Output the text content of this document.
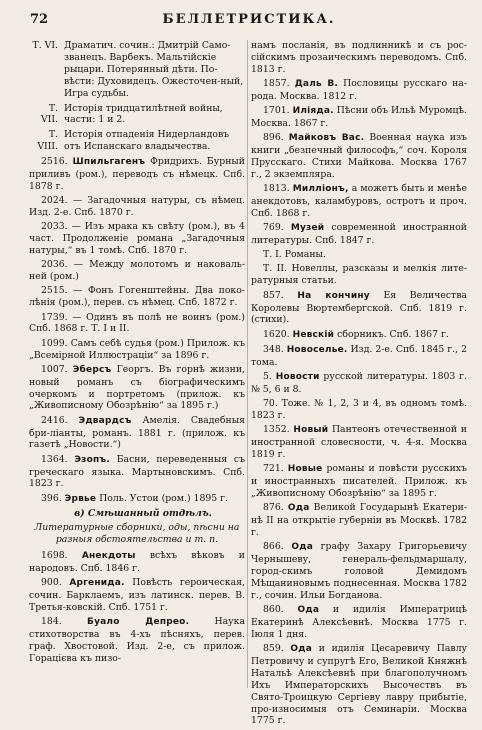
72	БЕЛЛЕТРИСТИКА.
Т. VI. Драматич. сочин.: Дмитрій Само-званецъ. Варбекъ. Мальтійскіе рыцари. Потерянный дѣти. По-вѣсти: Духовидецъ. Ожесточен-ный, Игра судьбы.
Т. VII.
Исторія тридцатилѣтней войны, части: 1 и 2.
Т. VIII.
Исторія отпаденія Нидерландовъ отъ Испанскаго владычества.

2516. Шпильгагенъ Фридрихъ. Бурный приливъ (ром.), переводъ съ нѣмецк. Спб. 1878 г.

2024. — Загадочныя натуры, съ нѣмец. Изд. 2-е. Спб. 1870 г.

2033. — Изъ мрака къ свѣту (ром.), въ 4 част. Продолженіе романа „Загадочныя натуры,“ въ 1 томѣ. Спб. 1870 г.

2036. — Между молотомъ и наковаль-ней (ром.)

2515. — Фонъ Гогенштейны. Два поко-лѣнія (ром.), перев. съ нѣмец. Спб. 1872 г.

1739. — Одинъ въ полѣ не воинъ (ром.) Спб. 1868 г. Т. I и II.

1099. Самъ себѣ судья (ром.) Прилож. къ „Всемірной Иллюстраціи“ за 1896 г.

1007. Эберсъ Георгъ. Въ горнѣ жизни, новый романъ съ біографическимъ очеркомъ и портретомъ (прилож. къ „Живописному Обозрѣнію“ за 1895 г.)

2416. Эдвардсъ Амелія. Свадебныя бри-ліанты, романъ. 1881 г. (прилож. къ газетѣ „Новости.“)

1364. Эзопъ. Басни, переведенныя съ греческаго языка. Мартыновскимъ. Спб. 1823 г.

396. Эрвье Поль. Устои (ром.) 1895 г.

в) Смѣшанный отдѣлъ.

Литературные сборники, оды, пѣсни на разныя обстоятельства и т. п.

1698. Анекдоты всѣхъ вѣковъ и народовъ. Спб. 1846 г.

900. Аргенида. Повѣсть героическая, сочин. Барклаемъ, изъ латинск. перев. В. Третья-ковскій. Спб. 1751 г.

184.	Буало Депрео.	Наука стихотворства въ 4-хъ пѣсняхъ, перев. граф. Хвостовой. Изд. 2-е, съ прилож. Горацієва къ пизо-

намъ посланія, въ подлинникѣ и съ рос-сійскимъ прозаическимъ переводомъ. Спб. 1813 г.

1857. Даль В. Пословицы русскаго на-рода. Москва. 1812 г.

1701. Иліяда. Пѣсни объ Ильѣ Муромцѣ. Москва. 1867 г.

896. Майковъ Вас. Военная наука изъ книги „безпечный философъ,“ соч. Короля Прусскаго. Стихи Майкова. Москва 1767 г., 2 экземпляра.

1813. Милліонъ, а можетъ быть и менѣе анекдотовъ, каламбуровъ, остротъ и проч. Спб. 1868 г.

769. Музей современной иностранной литературы. Спб. 1847 г.

Т. I. Романы.

Т. II. Новеллы, разсказы и мелкія лите-ратурныя статьи.

857. На кончину Ея Величества Королевы Вюртембергской. Спб. 1819 г. (стихи).

1620. Невскій сборникъ. Спб. 1867 г.

348. Новоселье. Изд. 2-е. Спб. 1845 г., 2 тома.

5. Новости русской литературы. 1803 г. № 5, 6 и 8.

70. Тоже. № 1, 2, 3 и 4, въ одномъ томѣ. 1823 г.

1352. Новый Пантеонъ отечественной и иностранной словесности, ч. 4-я. Москва 1819 г.

721. Новые романы и повѣсти русскихъ и иностранныхъ писателей. Прилож. къ „Живописному Обозрѣнію“ за 1895 г.

876. Ода Великой Государынѣ Екатери-нѣ II на открытіе губерніи въ Москвѣ. 1782 г.

866. Ода графу Захару Григорьевичу Чернышеву, генераль-фельдмаршалу, город-скимъ головой Демидомъ Мѣщаниновымъ поднесенная. Москва 1782 г., сочин. Ильи Богданова.

860. Ода и идилія Императрицѣ Екатеринѣ Алексѣевнѣ. Москва 1775 г. Іюля 1 дня.

859. Ода и идилія Цесаревичу Павлу Петровичу и супругѣ Его, Великой Княжнѣ Натальѣ Алексѣевнѣ при благополучномъ Ихъ Императорскихъ Высочествъ въ Свято-Троицкую Сергіеву лавру прибытіе, про-износимыя отъ Семинаріи. Москва 1775 г.
